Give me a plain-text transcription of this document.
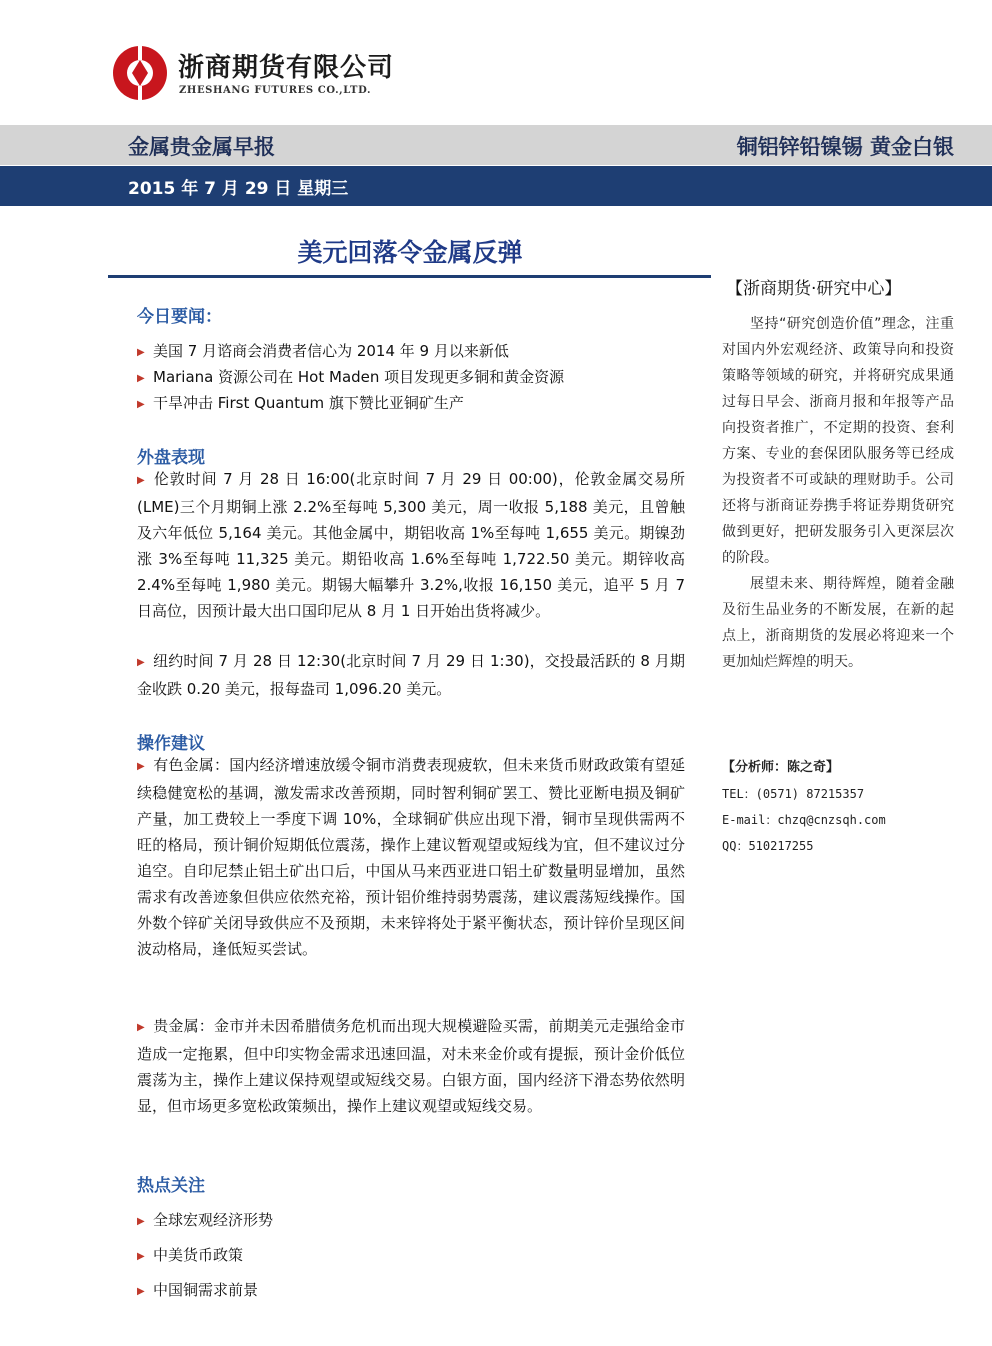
浙商期货有限公司
ZHESHANG FUTURES CO.,LTD.
金属贵金属早报	铜铝锌铅镍锡 黄金白银
2015 年 7 月 29 日 星期三
美元回落令金属反弹
今日要闻：
▶ 美国 7 月谘商会消费者信心为 2014 年 9 月以来新低
▶ Mariana 资源公司在 Hot Maden 项目发现更多铜和黄金资源
▶ 干旱冲击 First Quantum 旗下赞比亚铜矿生产
外盘表现

▶ 伦敦时间 7 月 28 日 16:00(北京时间 7 月 29 日 00:00)，伦敦金属交易所(LME)三个月期铜上涨 2.2%至每吨 5,300 美元，周一收报 5,188 美元，且曾触及六年低位 5,164 美元。其他金属中，期铝收高 1%至每吨 1,655 美元。期镍劲涨 3%至每吨 11,325 美元。期铅收高 1.6%至每吨 1,722.50 美元。期锌收高 2.4%至每吨 1,980 美元。期锡大幅攀升 3.2%,收报 16,150 美元，追平 5 月 7 日高位，因预计最大出口国印尼从 8 月 1 日开始出货将减少。

▶ 纽约时间 7 月 28 日 12:30(北京时间 7 月 29 日 1:30)，交投最活跃的 8 月期金收跌 0.20 美元，报每盎司 1,096.20 美元。

操作建议

▶ 有色金属：国内经济增速放缓令铜市消费表现疲软，但未来货币财政政策有望延续稳健宽松的基调，激发需求改善预期，同时智利铜矿罢工、赞比亚断电损及铜矿产量，加工费较上一季度下调 10%，全球铜矿供应出现下滑，铜市呈现供需两不旺的格局，预计铜价短期低位震荡，操作上建议暂观望或短线为宜，但不建议过分追空。自印尼禁止铝土矿出口后，中国从马来西亚进口铝土矿数量明显增加，虽然需求有改善迹象但供应依然充裕，预计铝价维持弱势震荡，建议震荡短线操作。国外数个锌矿关闭导致供应不及预期，未来锌将处于紧平衡状态，预计锌价呈现区间波动格局，逢低短买尝试。

▶ 贵金属：金市并未因希腊债务危机而出现大规模避险买需，前期美元走强给金市造成一定拖累，但中印实物金需求迅速回温，对未来金价或有提振，预计金价低位震荡为主，操作上建议保持观望或短线交易。白银方面，国内经济下滑态势依然明显，但市场更多宽松政策频出，操作上建议观望或短线交易。

热点关注
▶ 全球宏观经济形势
▶ 中美货币政策
▶ 中国铜需求前景
【浙商期货·研究中心】

坚持“研究创造价值”理念，注重对国内外宏观经济、政策导向和投资策略等领域的研究，并将研究成果通过每日早会、浙商月报和年报等产品向投资者推广，不定期的投资、套利方案、专业的套保团队服务等已经成为投资者不可或缺的理财助手。公司还将与浙商证券携手将证券期货研究做到更好，把研发服务引入更深层次的阶段。

展望未来、期待辉煌，随着金融及衍生品业务的不断发展，在新的起点上，浙商期货的发展必将迎来一个更加灿烂辉煌的明天。

【分析师：陈之奇】
TEL：(0571) 87215357
E-mail：chzq@cnzsqh.com
QQ：510217255
